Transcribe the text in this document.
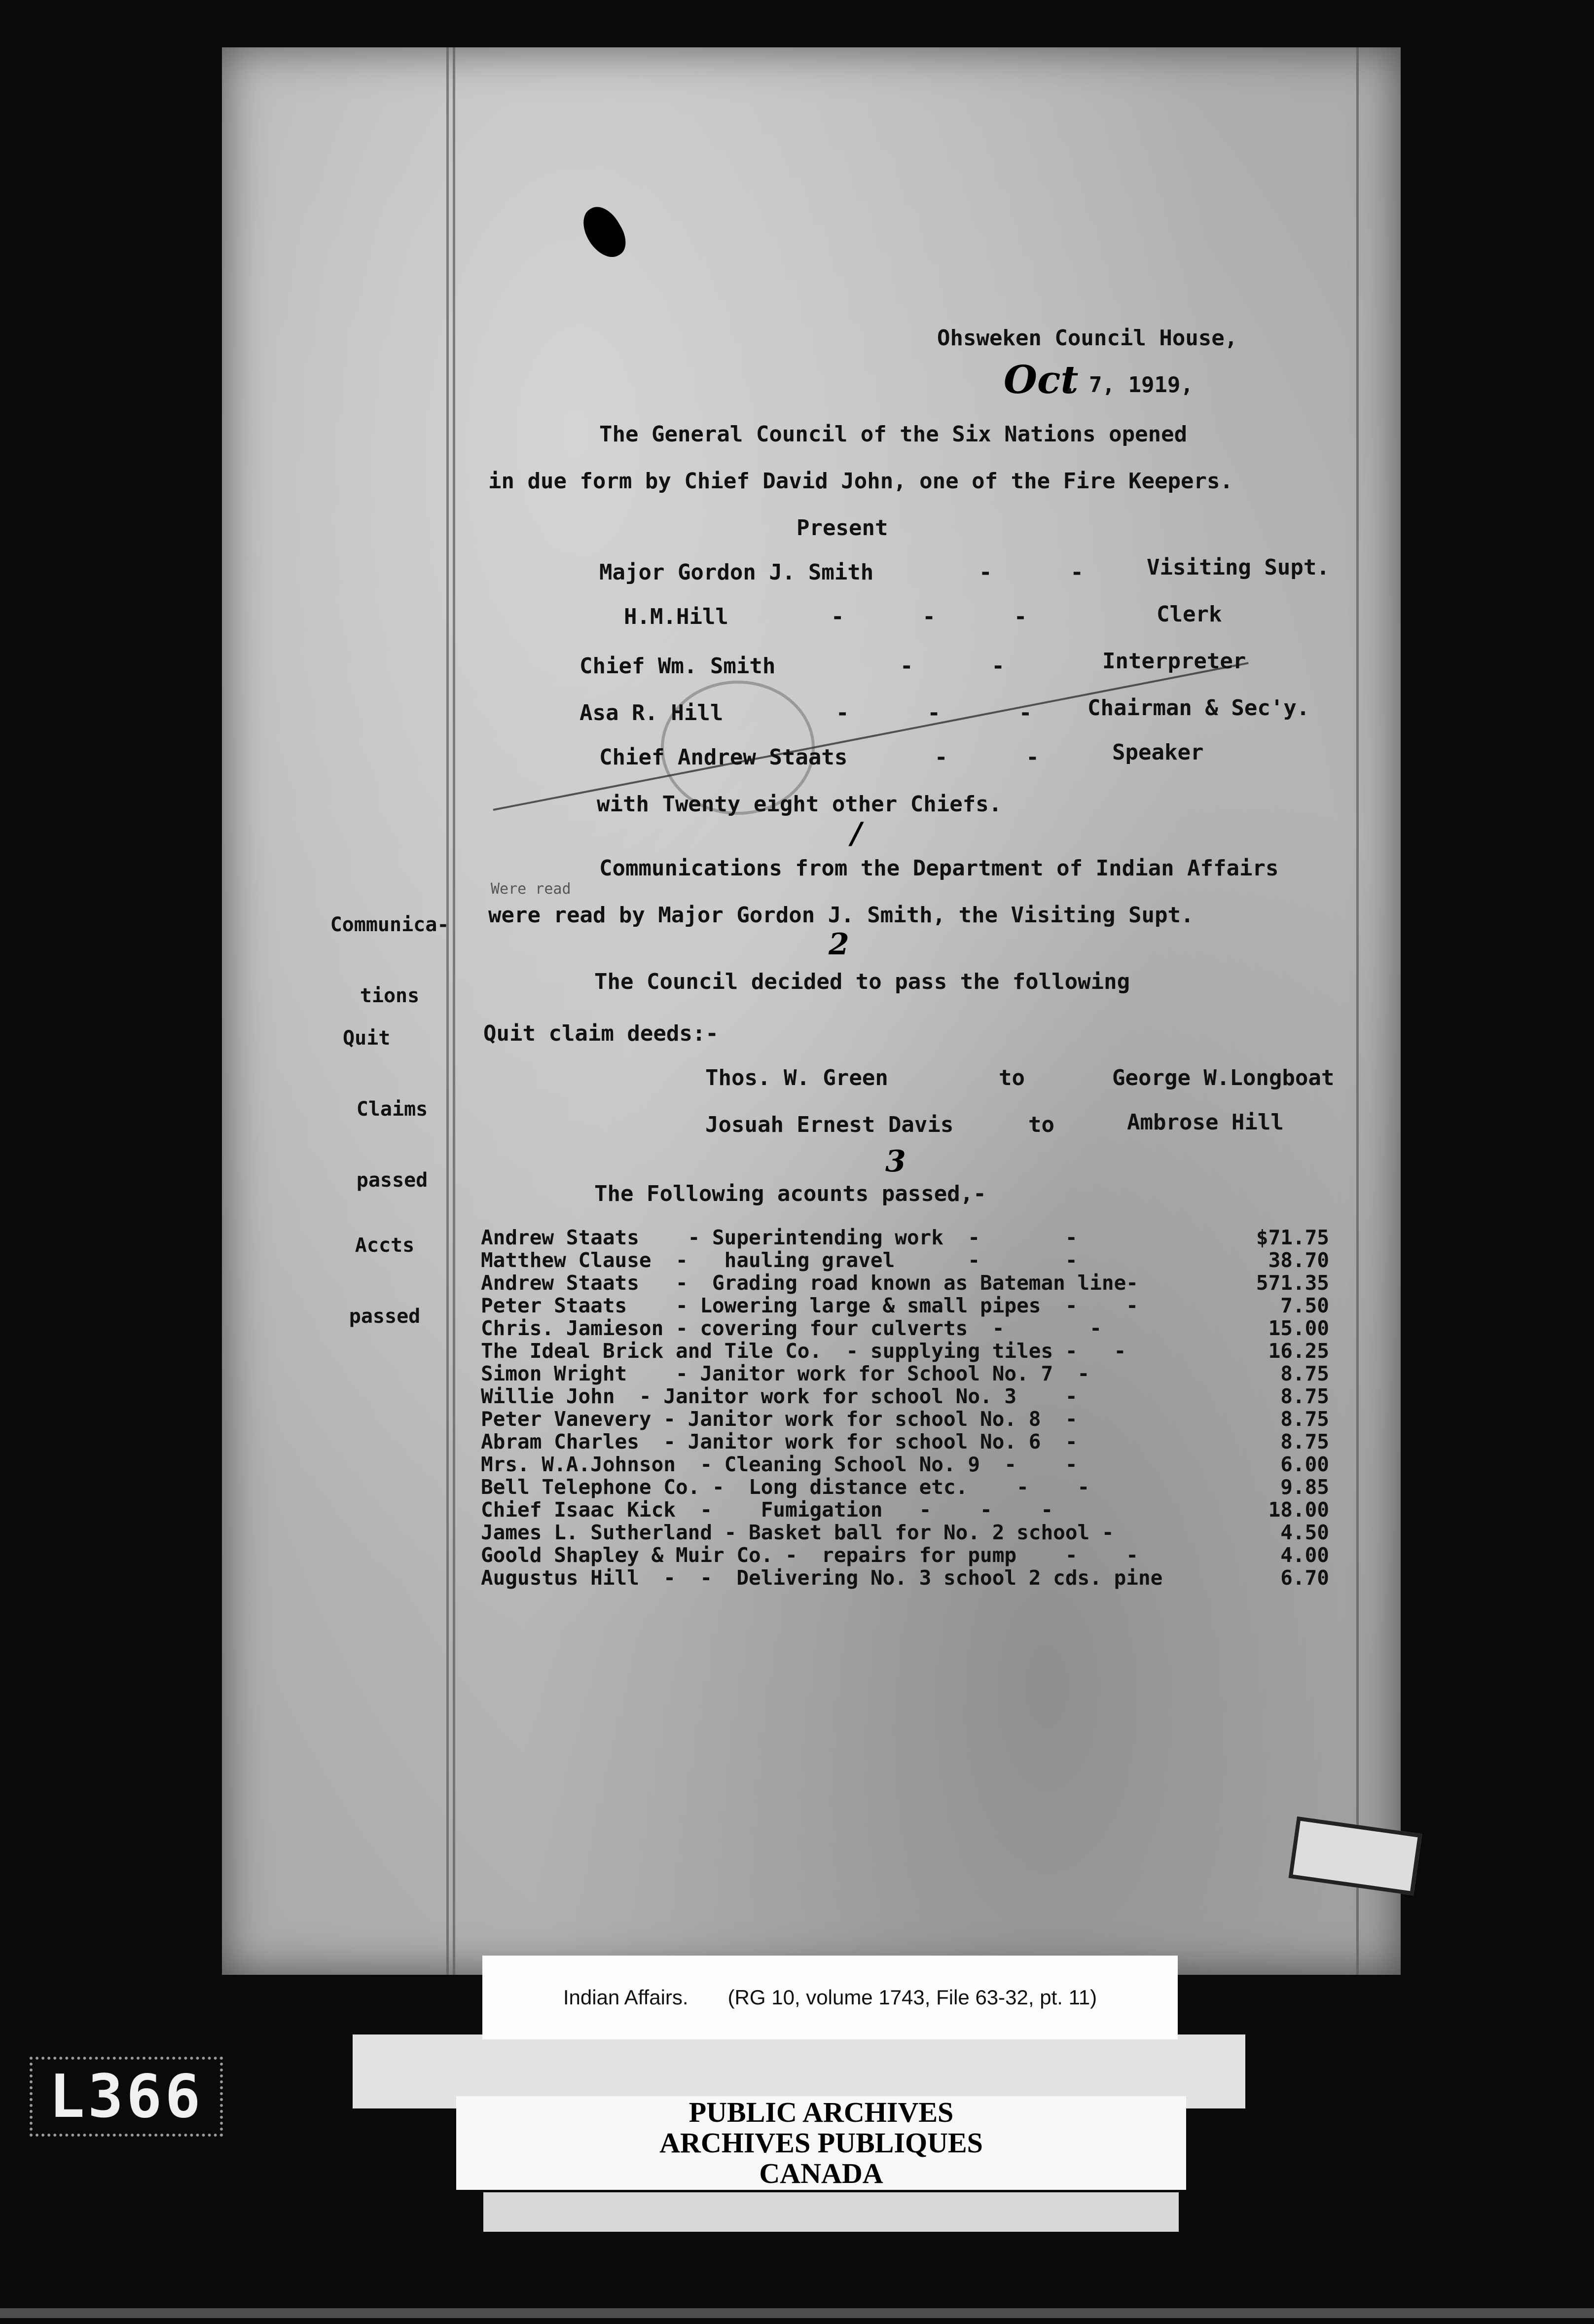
Ohsweken Council House,
Oct
. 7, 1919,
The General Council of the Six Nations opened
in due form by Chief David John, one of the Fire Keepers.
Present
Major Gordon J. Smith	-      -	Visiting Supt.
H.M.Hill	-      -      -	Clerk
Chief Wm. Smith	-      -	Interpreter
Asa R. Hill	-      -      -	Chairman & Sec'y.
Chief Andrew Staats	-      -	Speaker
with Twenty eight other Chiefs.
/

Communica-

tions

Quit

Claims

passed

Accts

passed

Communications from the Department of Indian Affairs
Were read
were read by Major Gordon J. Smith, the Visiting Supt.
2
The Council decided to pass the following
Quit claim deeds:-
Thos. W. Green	to	George W.Longboat
Josuah Ernest Davis	to	Ambrose Hill
3
The Following acounts passed,-
Andrew Staats    - Superintending work  -       -	$71.75
Matthew Clause  -   hauling gravel      -       -	38.70
Andrew Staats   -  Grading road known as Bateman line-	571.35
Peter Staats    - Lowering large & small pipes  -    -	7.50
Chris. Jamieson - covering four culverts  -       -	15.00
The Ideal Brick and Tile Co.  - supplying tiles -   -	16.25
Simon Wright    - Janitor work for School No. 7  -	8.75
Willie John  - Janitor work for school No. 3    -	8.75
Peter Vanevery - Janitor work for school No. 8  -	8.75
Abram Charles  - Janitor work for school No. 6  -	8.75
Mrs. W.A.Johnson  - Cleaning School No. 9  -    -	6.00
Bell Telephone Co. -  Long distance etc.    -    -	9.85
Chief Isaac Kick  -    Fumigation   -    -    -	18.00
James L. Sutherland - Basket ball for No. 2 school -	4.50
Goold Shapley & Muir Co. -  repairs for pump    -    -	4.00
Augustus Hill  -  -  Delivering No. 3 school 2 cds. pine	6.70
Indian Affairs. (RG 10, volume 1743, File 63-32, pt. 11)
PUBLIC ARCHIVES
ARCHIVES PUBLIQUES
CANADA
L366
